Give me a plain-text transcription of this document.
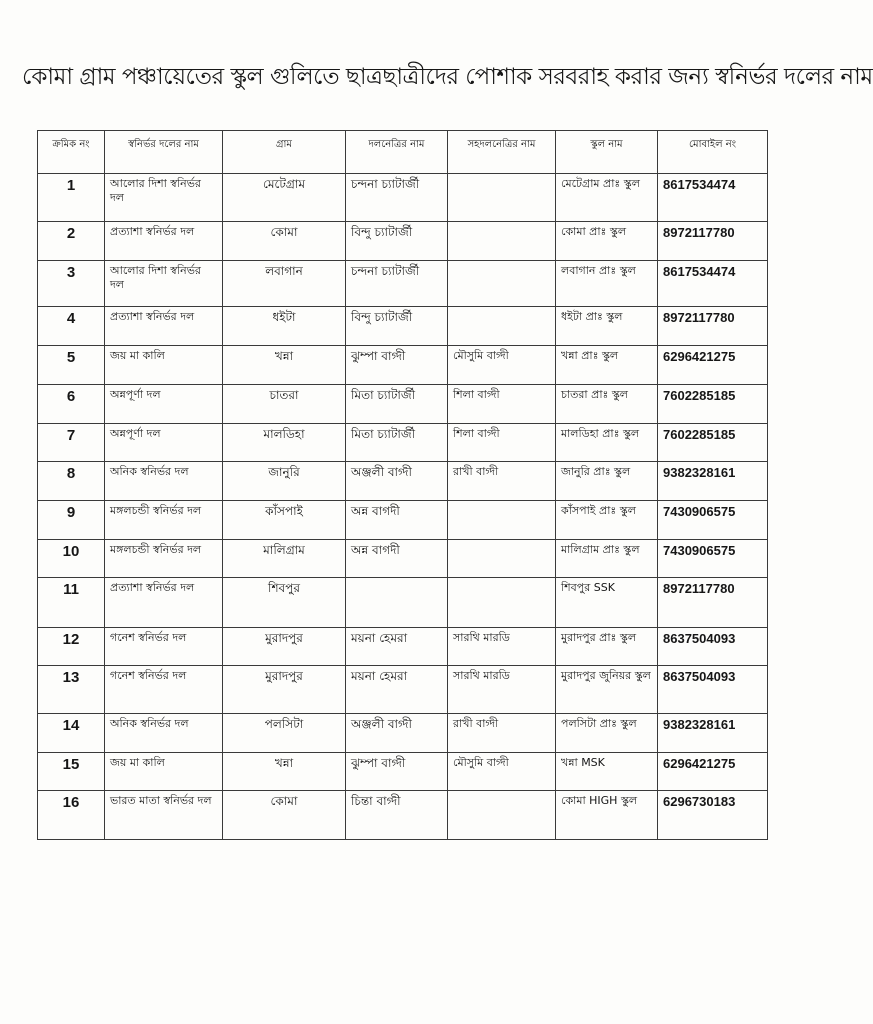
কোমা গ্রাম পঞ্চায়েতের স্কুল গুলিতে ছাত্রছাত্রীদের পোশাক সরবরাহ করার জন্য স্বনির্ভর দলের নাম
ক্রমিক নং	স্বনির্ভর দলের নাম	গ্রাম	দলনেত্রির নাম	সহদলনেত্রির নাম	স্কুল নাম	মোবাইল নং
1	আলোর দিশা স্বনির্ভর দল	মেটেগ্রাম	চন্দনা চ্যাটার্জী		মেটেগ্রাম প্রাঃ স্কুল	8617534474
2	প্রত্যাশা স্বনির্ভর দল	কোমা	বিন্দু চ্যাটার্জী		কোমা প্রাঃ স্কুল	8972117780
3	আলোর দিশা স্বনির্ভর দল	লবাগান	চন্দনা চ্যাটার্জী		লবাগান প্রাঃ স্কুল	8617534474
4	প্রত্যাশা স্বনির্ভর দল	ধইটা	বিন্দু চ্যাটার্জী		ধইটা প্রাঃ স্কুল	8972117780
5	জয় মা কালি	খন্না	ঝুম্পা বাগ্দী	মৌসুমি বাগ্দী	খন্না প্রাঃ স্কুল	6296421275
6	অন্নপূর্ণা দল	চাতরা	মিতা চ্যাটার্জী	শিলা বাগ্দী	চাতরা প্রাঃ স্কুল	7602285185
7	অন্নপূর্ণা দল	মালডিহা	মিতা চ্যাটার্জী	শিলা বাগ্দী	মালডিহা প্রাঃ স্কুল	7602285185
8	অনিক স্বনির্ভর দল	জানুরি	অঞ্জলী বাগ্দী	রাখী বাগ্দী	জানুরি প্রাঃ স্কুল	9382328161
9	মঙ্গলচন্ডী স্বনির্ভর দল	কাঁসপাই	অন্ন বাগদী		কাঁসপাই প্রাঃ স্কুল	7430906575
10	মঙ্গলচন্ডী স্বনির্ভর দল	মালিগ্রাম	অন্ন বাগদী		মালিগ্রাম প্রাঃ স্কুল	7430906575
11	প্রত্যাশা স্বনির্ভর দল	শিবপুর			শিবপুর SSK	8972117780
12	গনেশ স্বনির্ভর দল	মুরাদপুর	ময়না হেমরা	সারথি মারডি	মুরাদপুর প্রাঃ স্কুল	8637504093
13	গনেশ স্বনির্ভর দল	মুরাদপুর	ময়না হেমরা	সারথি মারডি	মুরাদপুর জুনিয়র স্কুল	8637504093
14	অনিক স্বনির্ভর দল	পলসিটা	অঞ্জলী বাগ্দী	রাখী বাগ্দী	পলসিটা প্রাঃ স্কুল	9382328161
15	জয় মা কালি	খন্না	ঝুম্পা বাগ্দী	মৌসুমি বাগ্দী	খন্না MSK	6296421275
16	ভারত মাতা স্বনির্ভর দল	কোমা	চিন্তা বাগ্দী		কোমা HIGH স্কুল	6296730183
